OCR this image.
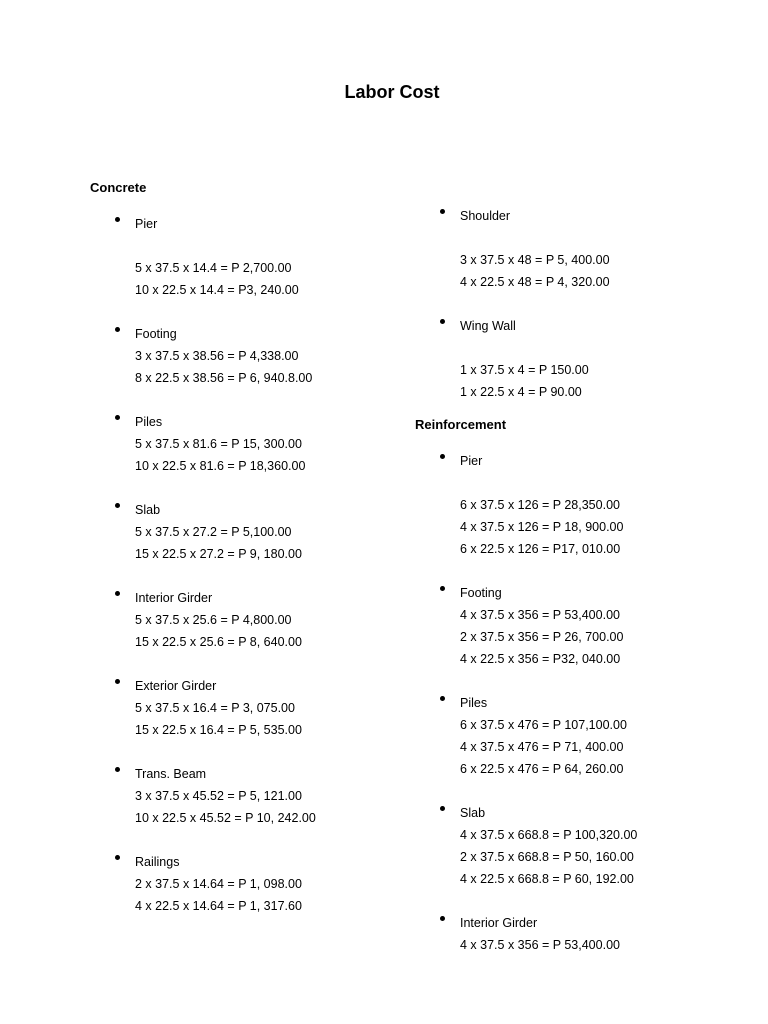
Labor Cost
Concrete
Pier
5 x 37.5 x 14.4 = P 2,700.00
10 x 22.5 x 14.4 = P3, 240.00
Footing
3 x 37.5 x 38.56 = P 4,338.00
8 x 22.5 x 38.56 = P 6, 940.8.00
Piles
5 x 37.5 x 81.6 = P 15, 300.00
10 x 22.5 x 81.6 = P 18,360.00
Slab
5 x 37.5 x 27.2 = P 5,100.00
15 x 22.5 x 27.2 = P 9, 180.00
Interior Girder
5 x 37.5 x 25.6 = P 4,800.00
15 x 22.5 x 25.6 = P 8, 640.00
Exterior Girder
5 x 37.5 x 16.4 = P 3, 075.00
15 x 22.5 x 16.4 = P 5, 535.00
Trans. Beam
3 x 37.5 x 45.52 = P 5, 121.00
10 x 22.5 x 45.52 = P 10, 242.00
Railings
2 x 37.5 x 14.64 = P 1, 098.00
4 x 22.5 x 14.64 = P 1, 317.60
Shoulder
3 x 37.5 x 48 = P 5, 400.00
4 x 22.5 x 48 = P 4, 320.00
Wing Wall
1 x 37.5 x 4 = P 150.00
1 x 22.5 x 4 = P 90.00
Reinforcement
Pier
6 x 37.5 x 126 = P 28,350.00
4 x 37.5 x 126 = P 18, 900.00
6 x 22.5 x 126 = P17, 010.00
Footing
4 x 37.5 x 356 = P 53,400.00
2 x 37.5 x 356 = P 26, 700.00
4 x 22.5 x 356 = P32, 040.00
Piles
6 x 37.5 x 476 = P 107,100.00
4 x 37.5 x 476 = P 71, 400.00
6 x 22.5 x 476 = P 64, 260.00
Slab
4 x 37.5 x 668.8 = P 100,320.00
2 x 37.5 x 668.8 = P 50, 160.00
4 x 22.5 x 668.8 = P 60, 192.00
Interior Girder
4 x 37.5 x 356 = P 53,400.00
